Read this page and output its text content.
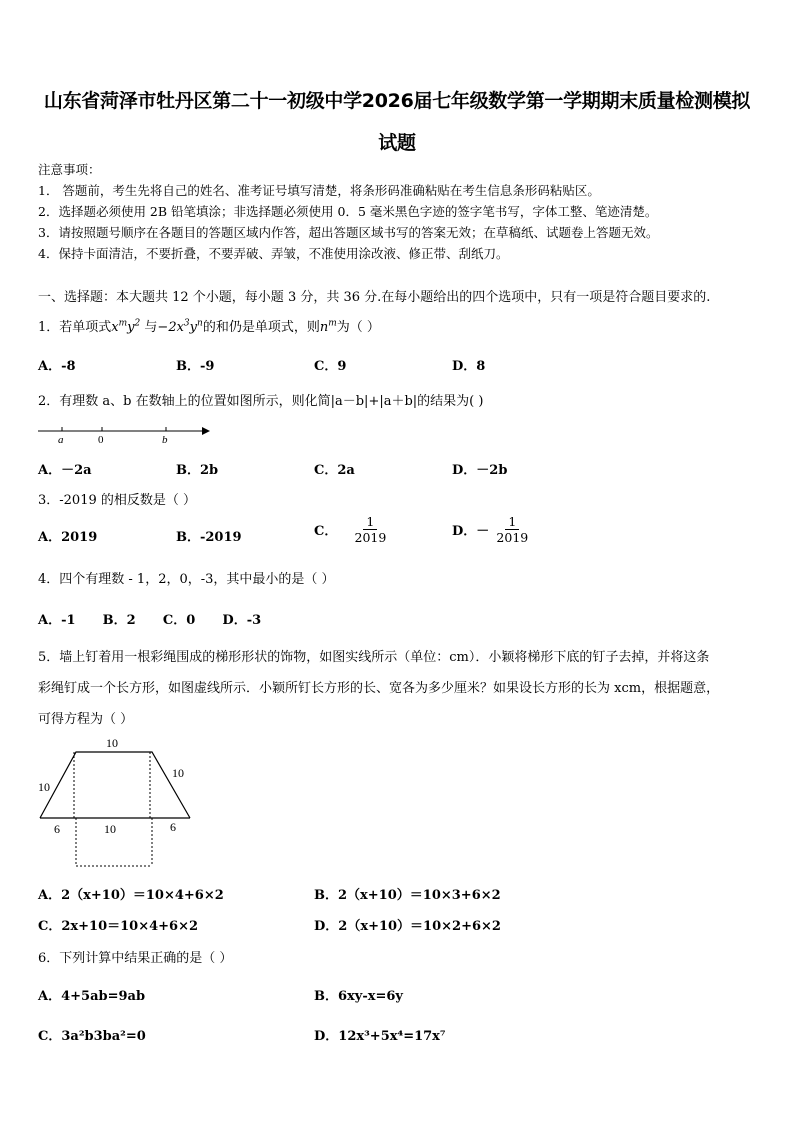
山东省菏泽市牡丹区第二十一初级中学2026届七年级数学第一学期期末质量检测模拟
试题
注意事项：
1． 答题前，考生先将自己的姓名、准考证号填写清楚，将条形码准确粘贴在考生信息条形码粘贴区。
2．选择题必须使用 2B 铅笔填涂；非选择题必须使用 0．5 毫米黑色字迹的签字笔书写，字体工整、笔迹清楚。
3．请按照题号顺序在各题目的答题区域内作答，超出答题区域书写的答案无效；在草稿纸、试题卷上答题无效。
4．保持卡面清洁，不要折叠，不要弄破、弄皱，不准使用涂改液、修正带、刮纸刀。
一、选择题：本大题共 12 个小题，每小题 3 分，共 36 分.在每小题给出的四个选项中，只有一项是符合题目要求的.
1．若单项式$x^my^2$ 与$-2x^3y^n$的和仍是单项式，则$n^m$为（ ）
A．-8	B．-9	C．9	D．8
2．有理数 a、b 在数轴上的位置如图所示，则化简|a－b|+|a＋b|的结果为( )
a	0	b
A．－2a	B．2b	C．2a	D．－2b
3．-2019 的相反数是（ ）
A．2019	B．-2019	C． $\frac{1}{2019}$	D．－ $\frac{1}{2019}$
4．四个有理数 - 1，2，0，-3，其中最小的是（ ）
A．-1      B．2      C．0      D．-3
5．墙上钉着用一根彩绳围成的梯形形状的饰物，如图实线所示（单位：cm）．小颖将梯形下底的钉子去掉，并将这条
彩绳钉成一个长方形，如图虚线所示．小颖所钉长方形的长、宽各为多少厘米？如果设长方形的长为 xcm，根据题意，
可得方程为（ ）
10
10
10
6	10	6
A．2（x+10）＝10×4+6×2	B．2（x+10）＝10×3+6×2
C．2x+10＝10×4+6×2	D．2（x+10）＝10×2+6×2
6．下列计算中结果正确的是（ ）
A．4+5ab=9ab	B．6xy-x=6y
C．3a²b3ba²=0	D．12x³+5x⁴=17x⁷
